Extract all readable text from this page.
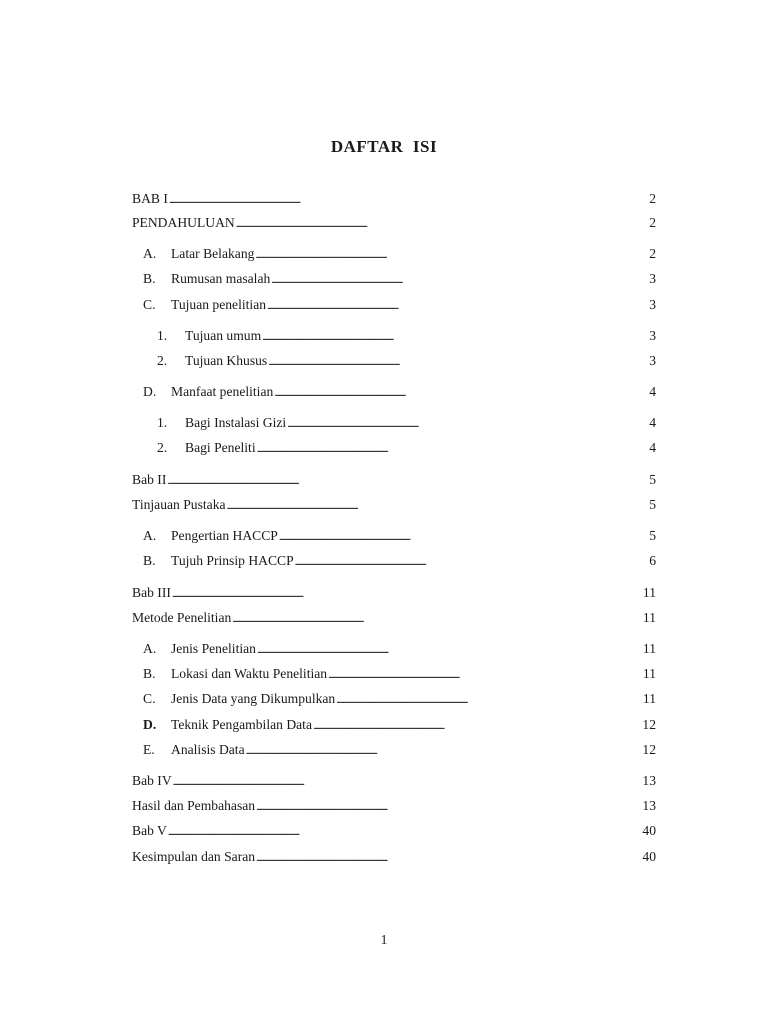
DAFTAR  ISI
BAB I . . .	2
PENDAHULUAN . . .	2
A.	Latar Belakang . . .	2
B.	Rumusan masalah . . .	3
C.	Tujuan penelitian . . .	3
1.	Tujuan umum . . .	3
2.	Tujuan Khusus . . .	3
D.	Manfaat penelitian . . .	4
1.	Bagi Instalasi Gizi . . .	4
2.	Bagi Peneliti . . .	4
Bab II . . .	5
Tinjauan Pustaka . . .	5
A.	Pengertian HACCP . . .	5
B.	Tujuh Prinsip HACCP . . .	6
Bab III . . .	11
Metode Penelitian . . .	11
A.	Jenis Penelitian . . .	11
B.	Lokasi dan Waktu Penelitian . . .	11
C.	Jenis Data yang Dikumpulkan . . .	11
D.	Teknik Pengambilan Data . . .	12
E.	Analisis Data . . .	12
Bab IV . . .	13
Hasil dan Pembahasan . . .	13
Bab V . . .	40
Kesimpulan dan Saran . . .	40
1
